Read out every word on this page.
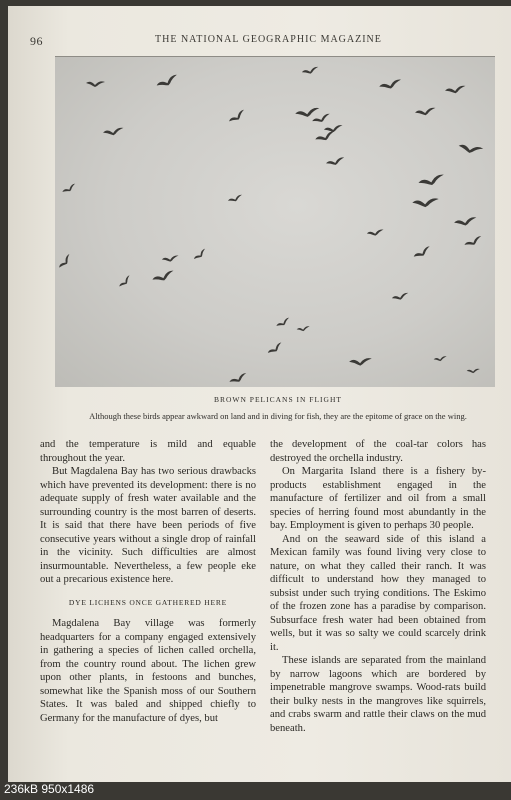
96	THE NATIONAL GEOGRAPHIC MAGAZINE
BROWN PELICANS IN FLIGHT
Although these birds appear awkward on land and in diving for fish, they are the epitome of grace on the wing.

and the temperature is mild and equable throughout the year.

But Magdalena Bay has two serious drawbacks which have prevented its development: there is no adequate supply of fresh water available and the surrounding country is the most barren of deserts. It is said that there have been periods of five consecutive years without a single drop of rainfall in the vicinity. Such difficulties are almost insurmountable. Nevertheless, a few people eke out a precarious existence here.

DYE LICHENS ONCE GATHERED HERE

Magdalena Bay village was formerly headquarters for a company engaged extensively in gathering a species of lichen called orchella, from the country round about. The lichen grew upon other plants, in festoons and bunches, somewhat like the Spanish moss of our Southern States. It was baled and shipped chiefly to Germany for the manufacture of dyes, but

the development of the coal-tar colors has destroyed the orchella industry.

On Margarita Island there is a fishery by-products establishment engaged in the manufacture of fertilizer and oil from a small species of herring found most abundantly in the bay. Employment is given to perhaps 30 people.

And on the seaward side of this island a Mexican family was found living very close to nature, on what they called their ranch. It was difficult to understand how they managed to subsist under such trying conditions. The Eskimo of the frozen zone has a paradise by comparison. Subsurface fresh water had been obtained from wells, but it was so salty we could scarcely drink it.

These islands are separated from the mainland by narrow lagoons which are bordered by impenetrable mangrove swamps. Wood-rats build their bulky nests in the mangroves like squirrels, and crabs swarm and rattle their claws on the mud beneath.

236kB 950x1486
